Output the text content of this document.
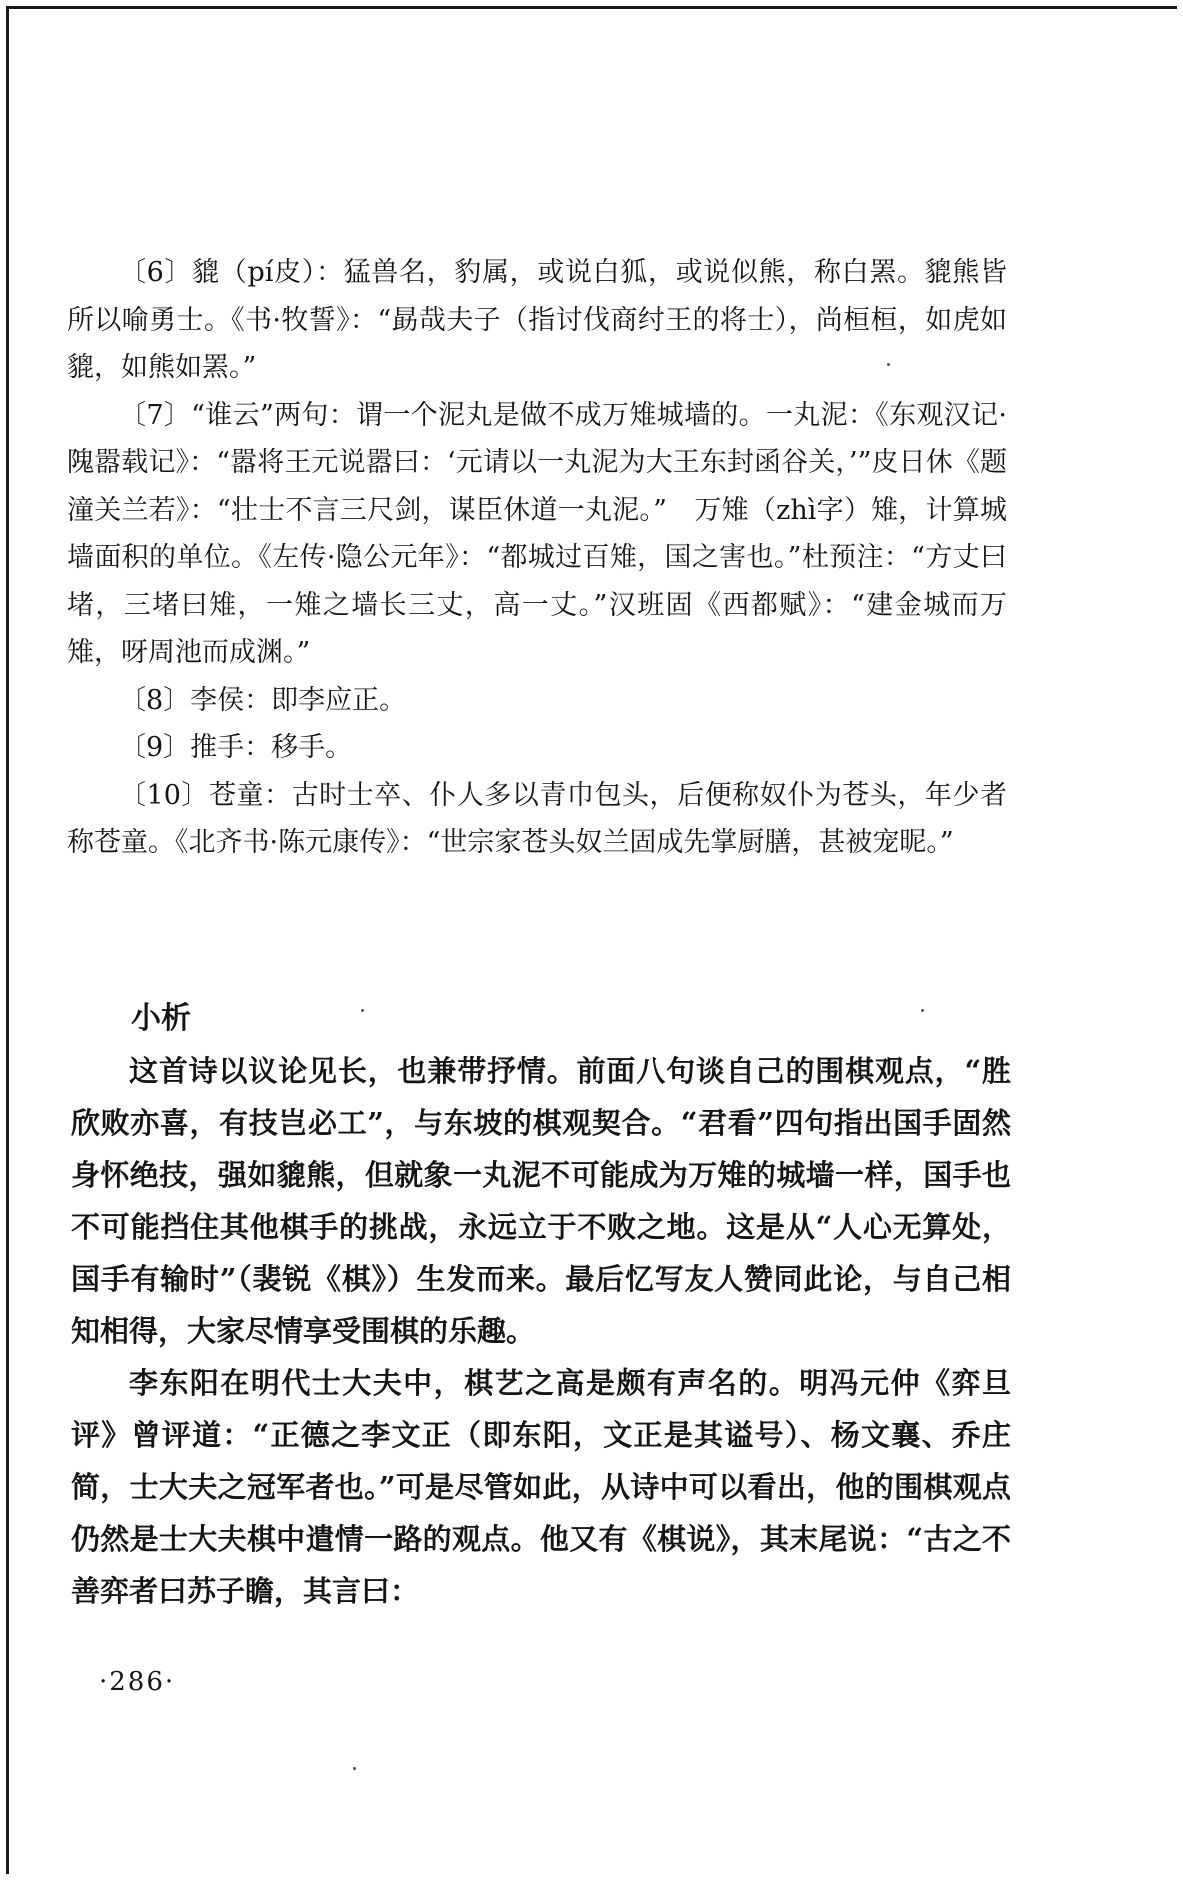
〔6〕貔（pí皮）：猛兽名，豹属，或说白狐，或说似熊，称白罴。貔熊皆所以喻勇士。《书·牧誓》：“勗哉夫子（指讨伐商纣王的将士），尚桓桓，如虎如貔，如熊如罴。”

〔7〕“谁云”两句：谓一个泥丸是做不成万雉城墙的。一丸泥：《东观汉记·隗嚣载记》：“嚣将王元说嚣曰：‘元请以一丸泥为大王东封函谷关，’”皮日休《题潼关兰若》：“壮士不言三尺剑，谋臣休道一丸泥。”　万雉（zhì字）雉，计算城墙面积的单位。《左传·隐公元年》：“都城过百雉，国之害也。”杜预注：“方丈曰堵，三堵曰雉，一雉之墙长三丈，高一丈。”汉班固《西都赋》：“建金城而万雉，呀周池而成渊。”

〔8〕李侯：即李应正。

〔9〕推手：移手。

〔10〕苍童：古时士卒、仆人多以青巾包头，后便称奴仆为苍头，年少者称苍童。《北齐书·陈元康传》：“世宗家苍头奴兰固成先掌厨膳，甚被宠昵。”

小析

这首诗以议论见长，也兼带抒情。前面八句谈自己的围棋观点，“胜欣败亦喜，有技岂必工”，与东坡的棋观契合。“君看”四句指出国手固然身怀绝技，强如貔熊，但就象一丸泥不可能成为万雉的城墙一样，国手也不可能挡住其他棋手的挑战，永远立于不败之地。这是从“人心无算处，国手有输时”（裴锐《棋》）生发而来。最后忆写友人赞同此论，与自己相知相得，大家尽情享受围棋的乐趣。

李东阳在明代士大夫中，棋艺之高是颇有声名的。明冯元仲《弈旦评》曾评道：“正德之李文正（即东阳，文正是其谥号）、杨文襄、乔庄简，士大夫之冠军者也。”可是尽管如此，从诗中可以看出，他的围棋观点仍然是士大夫棋中遣情一路的观点。他又有《棋说》，其末尾说：“古之不善弈者曰苏子瞻，其言曰：

·286·
